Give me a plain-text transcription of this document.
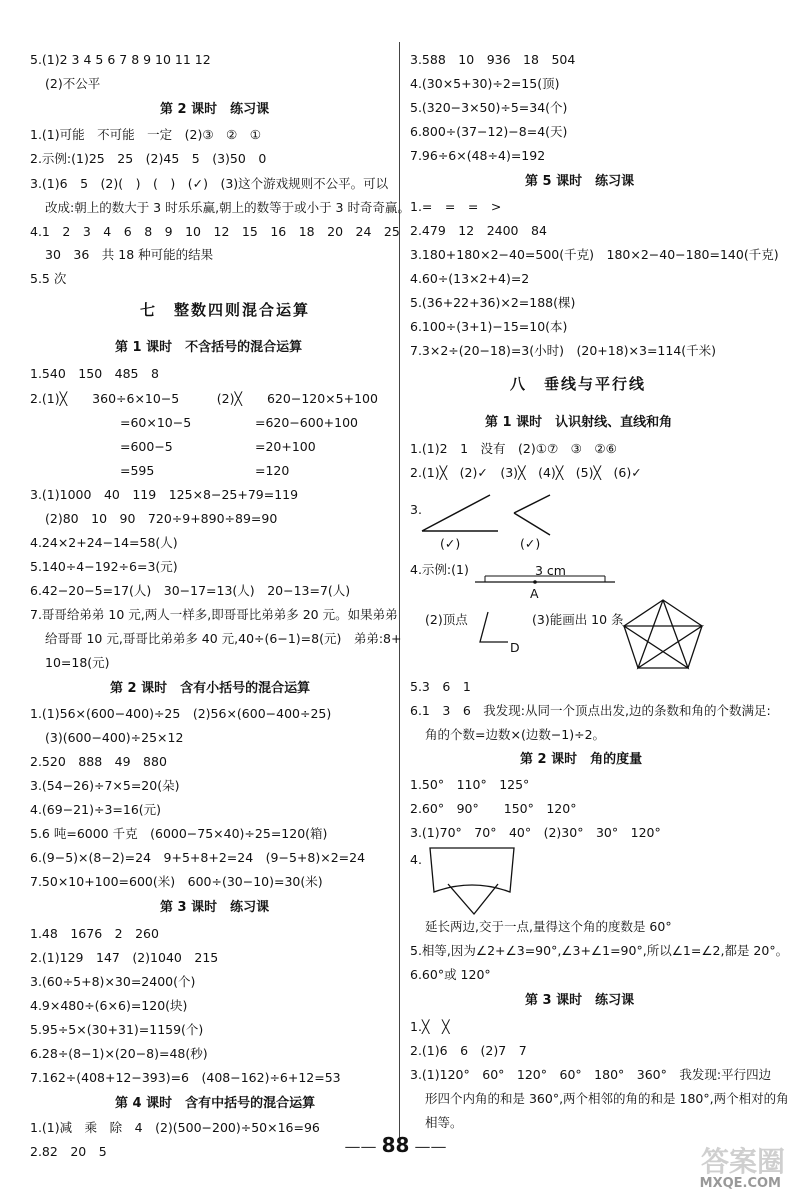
5.(1)2 3 4 5 6 7 8 9 10 11 12
(2)不公平
第 2 课时　练习课
1.(1)可能　不可能　一定　(2)③　②　①
2.示例:(1)25　25　(2)45　5　(3)50　0
3.(1)6　5　(2)(　)　(　)　(✓)　(3)这个游戏规则不公平。可以
改成:朝上的数大于 3 时乐乐赢,朝上的数等于或小于 3 时奇奇赢。
4.1　2　3　4　6　8　9　10　12　15　16　18　20　24　25
30　36　共 18 种可能的结果
5.5 次
七　整数四则混合运算
第 1 课时　不含括号的混合运算
1.540　150　485　8
2.(1)╳　　360÷6×10−5　　　(2)╳　　620−120×5+100
=60×10−5	=620−600+100
=600−5	=20+100
=595	=120
3.(1)1000　40　119　125×8−25+79=119
(2)80　10　90　720÷9+890÷89=90
4.24×2+24−14=58(人)
5.140÷4−192÷6=3(元)
6.42−20−5=17(人)　30−17=13(人)　20−13=7(人)
7.哥哥给弟弟 10 元,两人一样多,即哥哥比弟弟多 20 元。如果弟弟
给哥哥 10 元,哥哥比弟弟多 40 元,40÷(6−1)=8(元)　弟弟:8+
10=18(元)
第 2 课时　含有小括号的混合运算
1.(1)56×(600−400)÷25　(2)56×(600−400÷25)
(3)(600−400)÷25×12
2.520　888　49　880
3.(54−26)÷7×5=20(朵)
4.(69−21)÷3=16(元)
5.6 吨=6000 千克　(6000−75×40)÷25=120(箱)
6.(9−5)×(8−2)=24　9+5+8+2=24　(9−5+8)×2=24
7.50×10+100=600(米)　600÷(30−10)=30(米)
第 3 课时　练习课
1.48　1676　2　260
2.(1)129　147　(2)1040　215
3.(60÷5+8)×30=2400(个)
4.9×480÷(6×6)=120(块)
5.95÷5×(30+31)=1159(个)
6.28÷(8−1)×(20−8)=48(秒)
7.162÷(408+12−393)=6　(408−162)÷6+12=53
第 4 课时　含有中括号的混合运算
1.(1)减　乘　除　4　(2)(500−200)÷50×16=96
2.82　20　5
3.588　10　936　18　504
4.(30×5+30)÷2=15(顶)
5.(320−3×50)÷5=34(个)
6.800÷(37−12)−8=4(天)
7.96÷6×(48÷4)=192
第 5 课时　练习课
1.=　=　=　>
2.479　12　2400　84
3.180+180×2−40=500(千克)　180×2−40−180=140(千克)
4.60÷(13×2+4)=2
5.(36+22+36)×2=188(棵)
6.100÷(3+1)−15=10(本)
7.3×2÷(20−18)=3(小时)　(20+18)×3=114(千米)
八　垂线与平行线
第 1 课时　认识射线、直线和角
1.(1)2　1　没有　(2)①⑦　③　②⑥
2.(1)╳　(2)✓　(3)╳　(4)╳　(5)╳　(6)✓
3.
(✓)	(✓)
4.示例:(1)	3 cm
A
(2)顶点
D
(3)能画出 10 条
5.3　6　1
6.1　3　6　我发现:从同一个顶点出发,边的条数和角的个数满足:
角的个数=边数×(边数−1)÷2。
第 2 课时　角的度量
1.50°　110°　125°
2.60°　90°　　150°　120°
3.(1)70°　70°　40°　(2)30°　30°　120°
4.
延长两边,交于一点,量得这个角的度数是 60°
5.相等,因为∠2+∠3=90°,∠3+∠1=90°,所以∠1=∠2,都是 20°。
6.60°或 120°
第 3 课时　练习课
1.╳　╳
2.(1)6　6　(2)7　7
3.(1)120°　60°　120°　60°　180°　360°　我发现:平行四边
形四个内角的和是 360°,两个相邻的角的和是 180°,两个相对的角
相等。
—— 88 ——	答案圈
MXQE.COM
